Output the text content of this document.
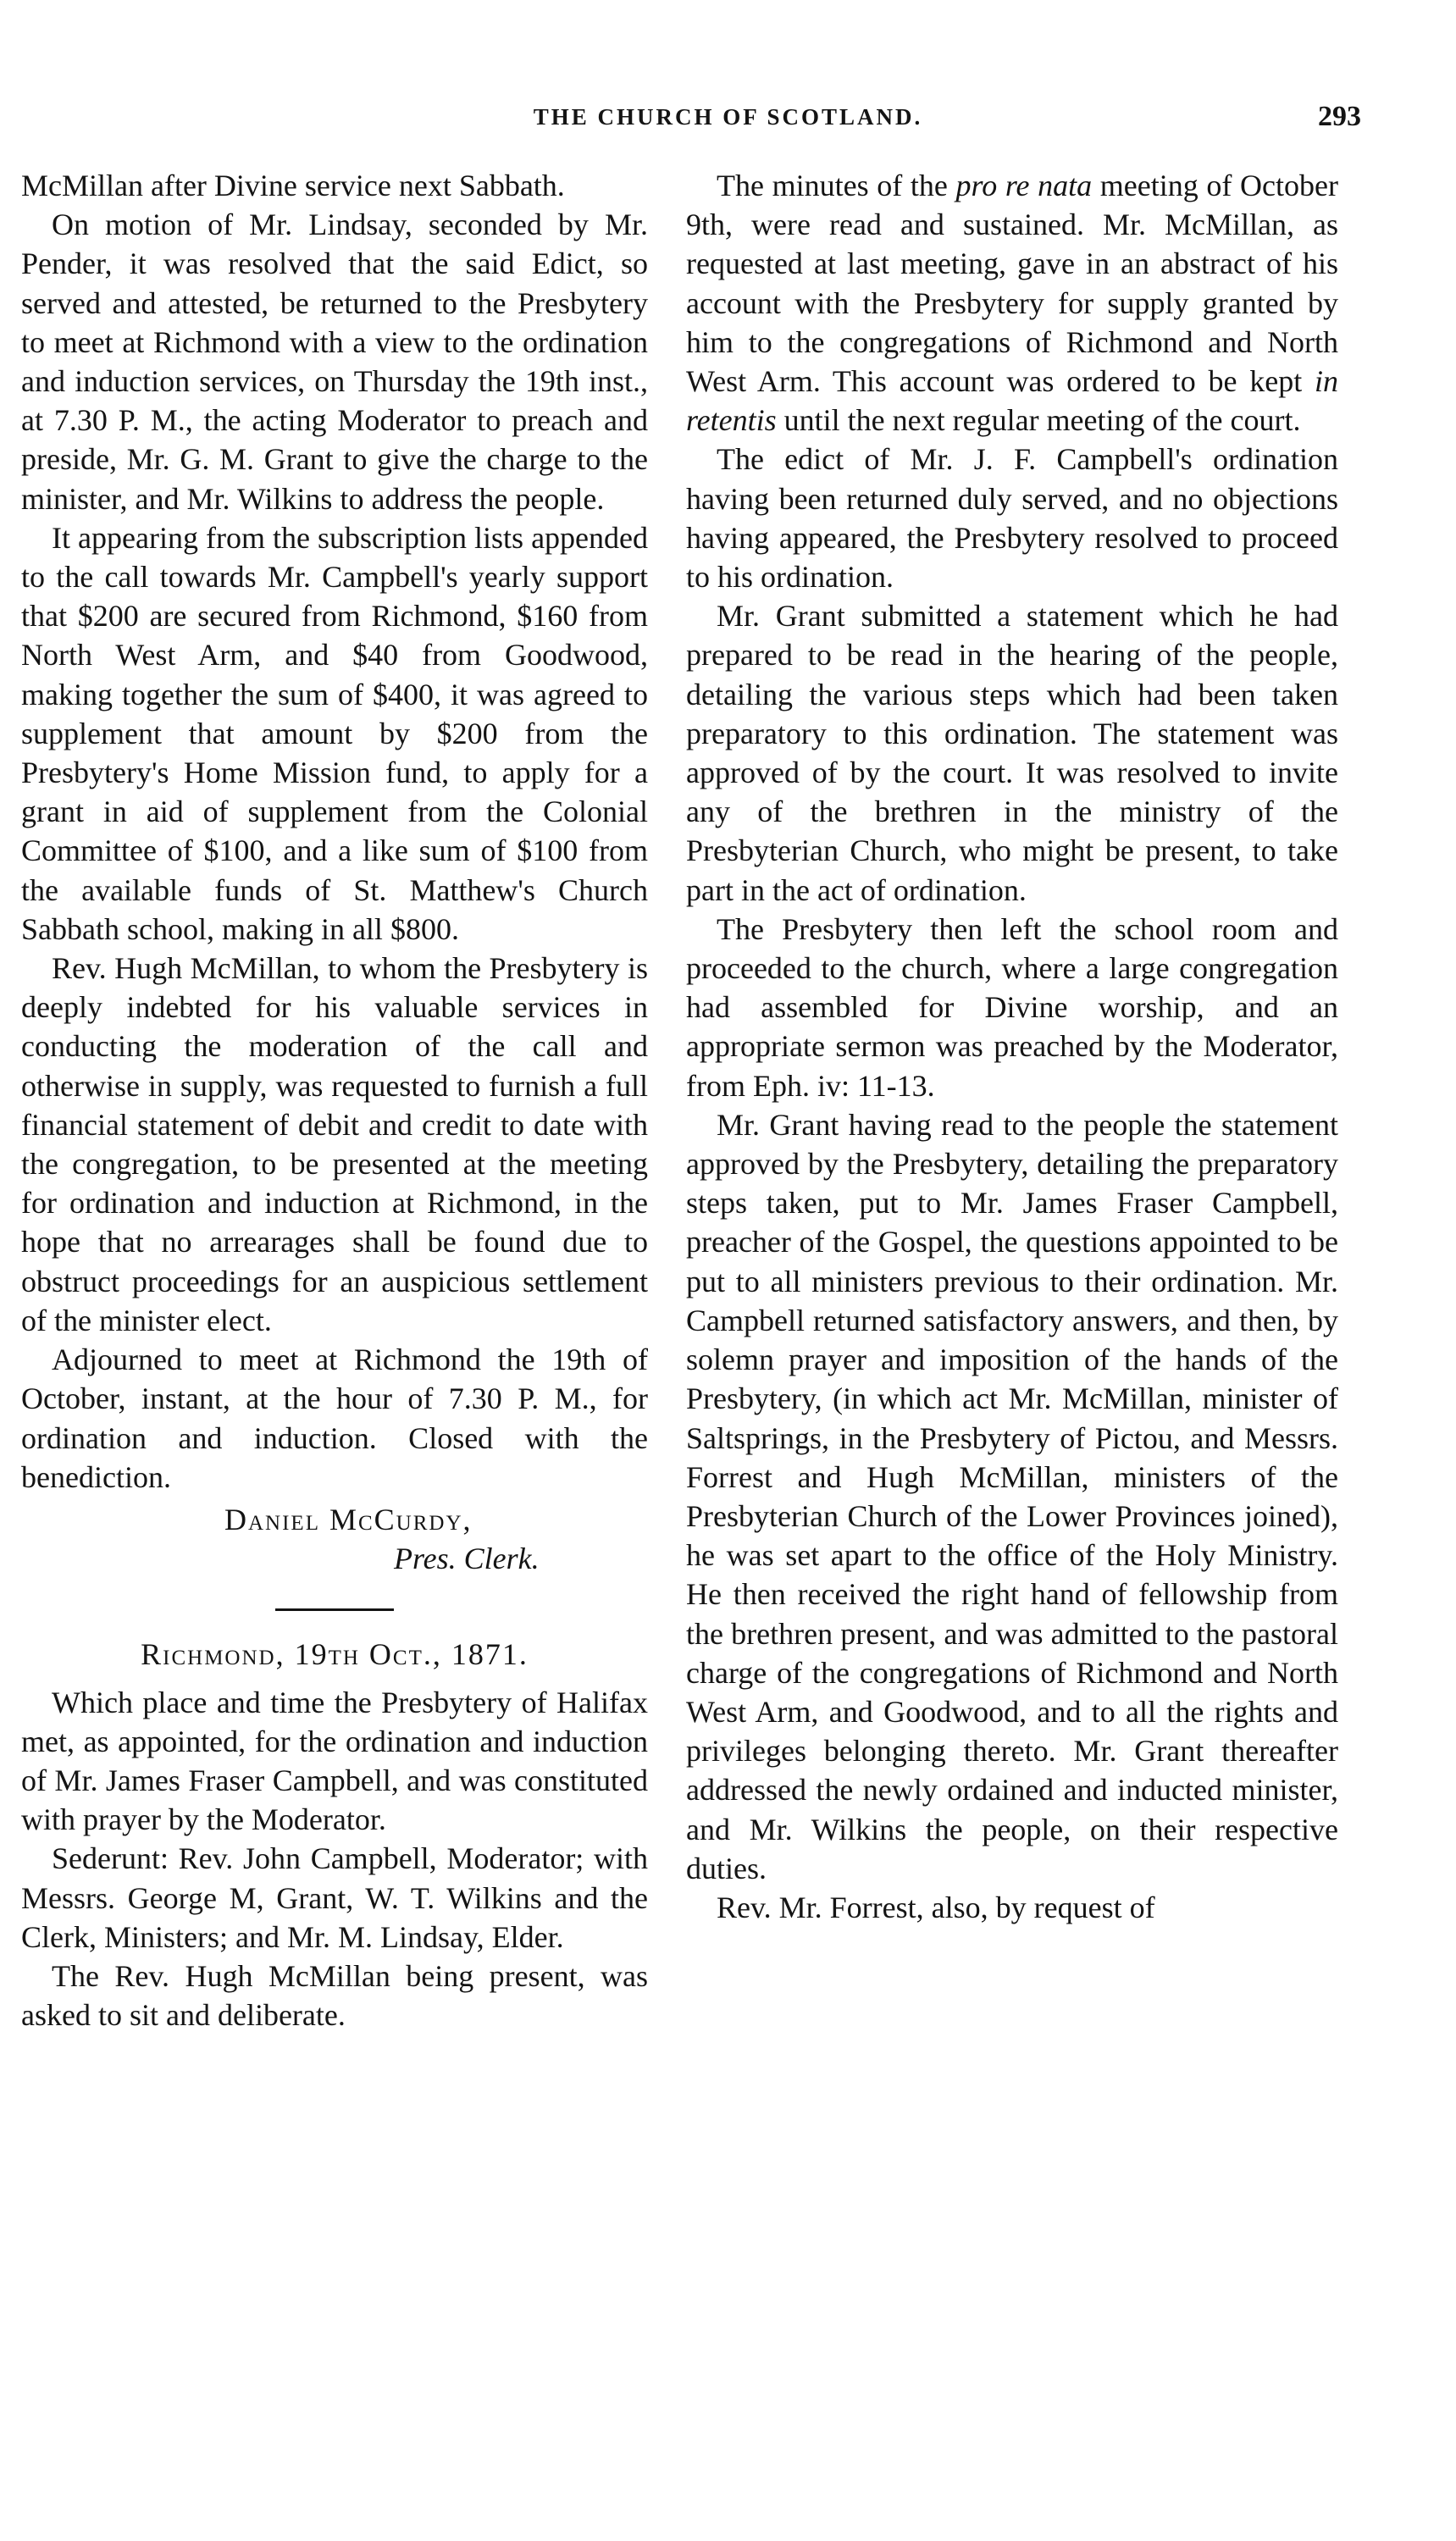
THE CHURCH OF SCOTLAND.	293

McMillan after Divine service next Sabbath.

On motion of Mr. Lindsay, seconded by Mr. Pender, it was resolved that the said Edict, so served and attested, be returned to the Presbytery to meet at Richmond with a view to the ordination and induction services, on Thursday the 19th inst., at 7.30 P. M., the acting Moderator to preach and preside, Mr. G. M. Grant to give the charge to the minister, and Mr. Wilkins to address the people.

It appearing from the subscription lists appended to the call towards Mr. Campbell's yearly support that $200 are secured from Richmond, $160 from North West Arm, and $40 from Goodwood, making together the sum of $400, it was agreed to supplement that amount by $200 from the Presbytery's Home Mission fund, to apply for a grant in aid of supplement from the Colonial Committee of $100, and a like sum of $100 from the available funds of St. Matthew's Church Sabbath school, making in all $800.

Rev. Hugh McMillan, to whom the Presbytery is deeply indebted for his valuable services in conducting the moderation of the call and otherwise in supply, was requested to furnish a full financial statement of debit and credit to date with the congregation, to be presented at the meeting for ordination and induction at Richmond, in the hope that no arrearages shall be found due to obstruct proceedings for an auspicious settlement of the minister elect.

Adjourned to meet at Richmond the 19th of October, instant, at the hour of 7.30 P. M., for ordination and induction. Closed with the benediction.

Daniel McCurdy,

Pres. Clerk.

Richmond, 19th Oct., 1871.

Which place and time the Presbytery of Halifax met, as appointed, for the ordination and induction of Mr. James Fraser Campbell, and was constituted with prayer by the Moderator.

Sederunt: Rev. John Campbell, Moderator; with Messrs. George M, Grant, W. T. Wilkins and the Clerk, Ministers; and Mr. M. Lindsay, Elder.

The Rev. Hugh McMillan being present, was asked to sit and deliberate.

The minutes of the pro re nata meeting of October 9th, were read and sustained. Mr. McMillan, as requested at last meeting, gave in an abstract of his account with the Presbytery for supply granted by him to the congregations of Richmond and North West Arm. This account was ordered to be kept in retentis until the next regular meeting of the court.

The edict of Mr. J. F. Campbell's ordination having been returned duly served, and no objections having appeared, the Presbytery resolved to proceed to his ordination.

Mr. Grant submitted a statement which he had prepared to be read in the hearing of the people, detailing the various steps which had been taken preparatory to this ordination. The statement was approved of by the court. It was resolved to invite any of the brethren in the ministry of the Presbyterian Church, who might be present, to take part in the act of ordination.

The Presbytery then left the school room and proceeded to the church, where a large congregation had assembled for Divine worship, and an appropriate sermon was preached by the Moderator, from Eph. iv: 11-13.

Mr. Grant having read to the people the statement approved by the Presbytery, detailing the preparatory steps taken, put to Mr. James Fraser Campbell, preacher of the Gospel, the questions appointed to be put to all ministers previous to their ordination. Mr. Campbell returned satisfactory answers, and then, by solemn prayer and imposition of the hands of the Presbytery, (in which act Mr. McMillan, minister of Saltsprings, in the Presbytery of Pictou, and Messrs. Forrest and Hugh McMillan, ministers of the Presbyterian Church of the Lower Provinces joined), he was set apart to the office of the Holy Ministry. He then received the right hand of fellowship from the brethren present, and was admitted to the pastoral charge of the congregations of Richmond and North West Arm, and Goodwood, and to all the rights and privileges belonging thereto. Mr. Grant thereafter addressed the newly ordained and inducted minister, and Mr. Wilkins the people, on their respective duties.

Rev. Mr. Forrest, also, by request of
